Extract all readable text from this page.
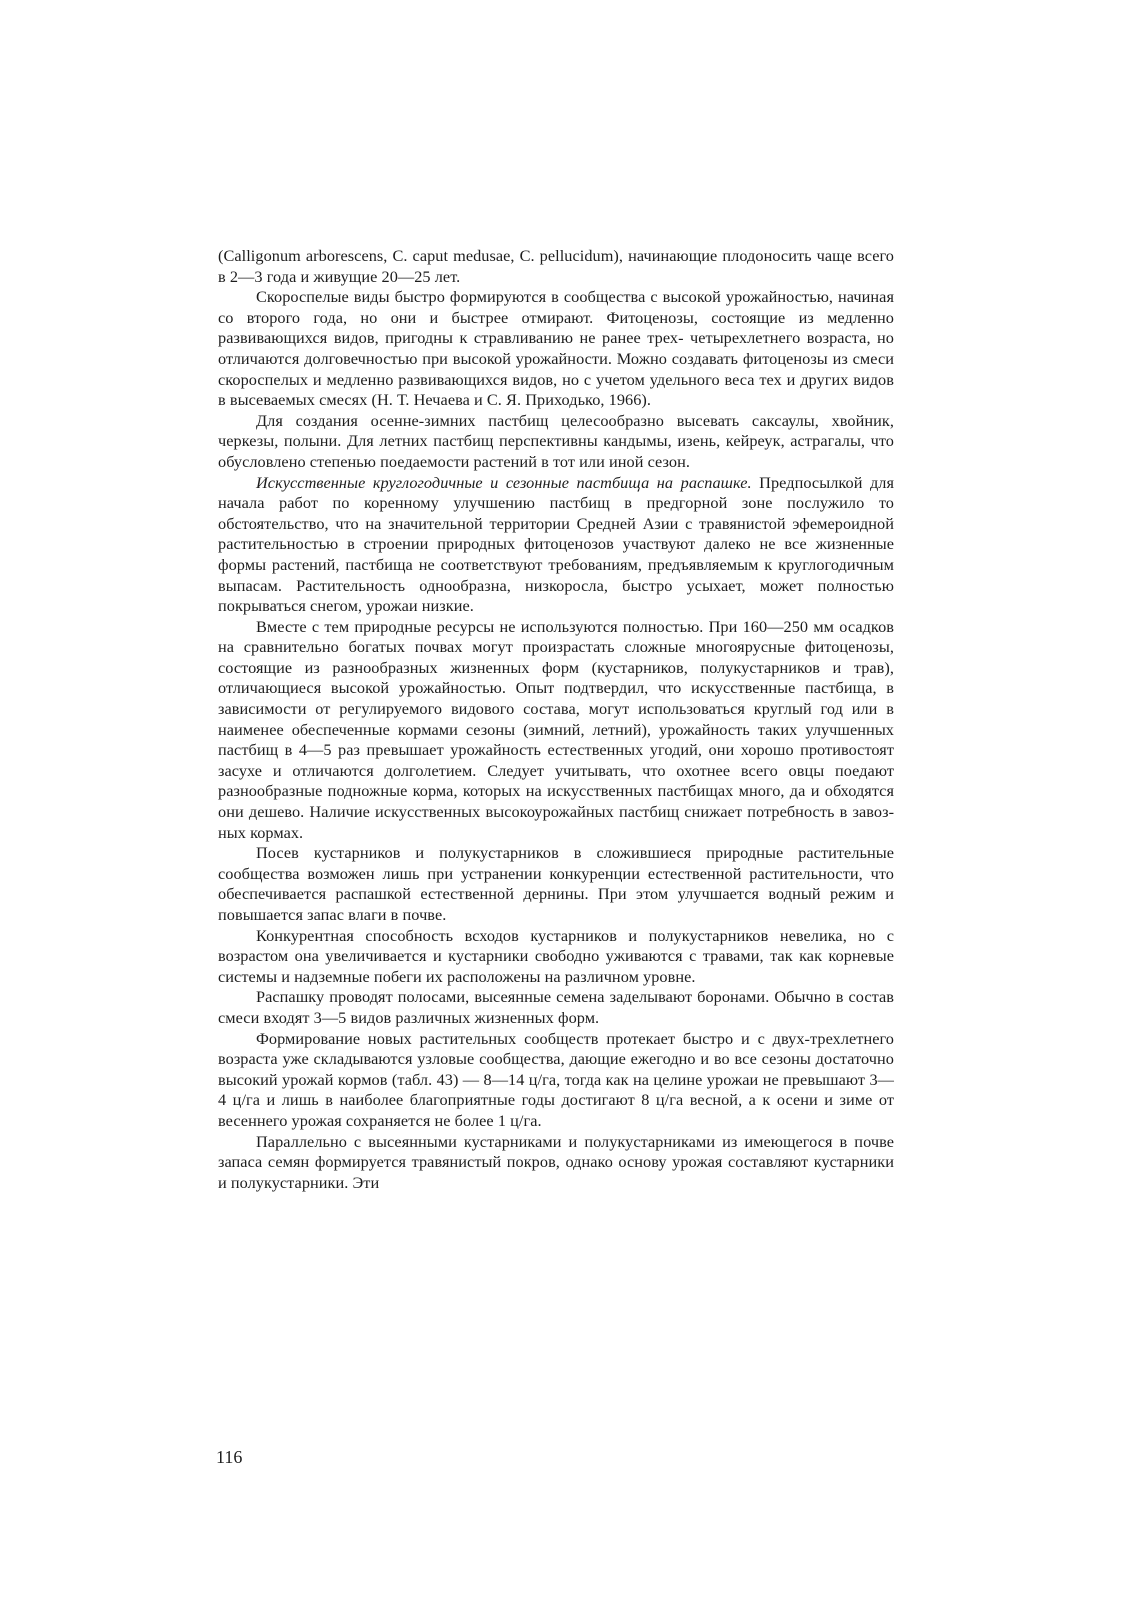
(Calligonum arborescens, C. caput medusae, C. pellucidum), начинающие плодоносить чаще всего в 2—3 года и живущие 20—25 лет.

Скороспелые виды быстро формируются в сообщества с высокой урожайностью, начиная со второго года, но они и быстрее отмирают. Фитоценозы, состоящие из медленно развивающихся видов, пригодны к стравливанию не ранее трех- четырехлетнего возраста, но отличаются долговечностью при высокой урожайности. Можно создавать фитоценозы из смеси скороспелых и медленно развивающихся видов, но с учетом удельного веса тех и других видов в высеваемых смесях (Н. Т. Нечаева и С. Я. Приходько, 1966).

Для создания осенне-зимних пастбищ целесообразно высевать саксаулы, хвойник, черкезы, полыни. Для летних пастбищ перспективны кандымы, изень, кейреук, астрагалы, что обусловлено степенью поедаемости растений в тот или иной сезон.

Искусственные круглогодичные и сезонные пастбища на распашке. Предпосылкой для начала работ по коренному улучшению пастбищ в предгорной зоне послужило то обстоятельство, что на значительной территории Средней Азии с травянистой эфемероидной растительностью в строении природных фитоценозов участвуют далеко не все жизненные формы растений, пастбища не соответствуют требованиям, предъявляемым к круглогодичным выпасам. Растительность однообразна, низкоросла, быстро усыхает, может полностью покрываться снегом, урожаи низкие.

Вместе с тем природные ресурсы не используются полностью. При 160—250 мм осадков на сравнительно богатых почвах могут произрастать сложные многоярусные фитоценозы, состоящие из разнообразных жизненных форм (кустарников, полукустарников и трав), отличающиеся высокой урожайностью. Опыт подтвердил, что искусственные пастбища, в зависимости от регулируемого видового состава, могут использоваться круглый год или в наименее обеспеченные кормами сезоны (зимний, летний), урожайность таких улучшенных пастбищ в 4—5 раз превышает урожайность естественных угодий, они хорошо противостоят засухе и отличаются долголетием. Следует учитывать, что охотнее всего овцы поедают разнообразные подножные корма, которых на искусственных пастбищах много, да и обходятся они дешево. Наличие искусственных высокоурожайных пастбищ снижает потребность в завозных кормах.

Посев кустарников и полукустарников в сложившиеся природные растительные сообщества возможен лишь при устранении конкуренции естественной растительности, что обеспечивается распашкой естественной дернины. При этом улучшается водный режим и повышается запас влаги в почве.

Конкурентная способность всходов кустарников и полукустарников невелика, но с возрастом она увеличивается и кустарники свободно уживаются с травами, так как корневые системы и надземные побеги их расположены на различном уровне.

Распашку проводят полосами, высеянные семена заделывают боронами. Обычно в состав смеси входят 3—5 видов различных жизненных форм.

Формирование новых растительных сообществ протекает быстро и с двух-трехлетнего возраста уже складываются узловые сообщества, дающие ежегодно и во все сезоны достаточно высокий урожай кормов (табл. 43) — 8—14 ц/га, тогда как на целине урожаи не превышают 3—4 ц/га и лишь в наиболее благоприятные годы достигают 8 ц/га весной, а к осени и зиме от весеннего урожая сохраняется не более 1 ц/га.

Параллельно с высеянными кустарниками и полукустарниками из имеющегося в почве запаса семян формируется травянистый покров, однако основу урожая составляют кустарники и полукустарники. Эти

116
